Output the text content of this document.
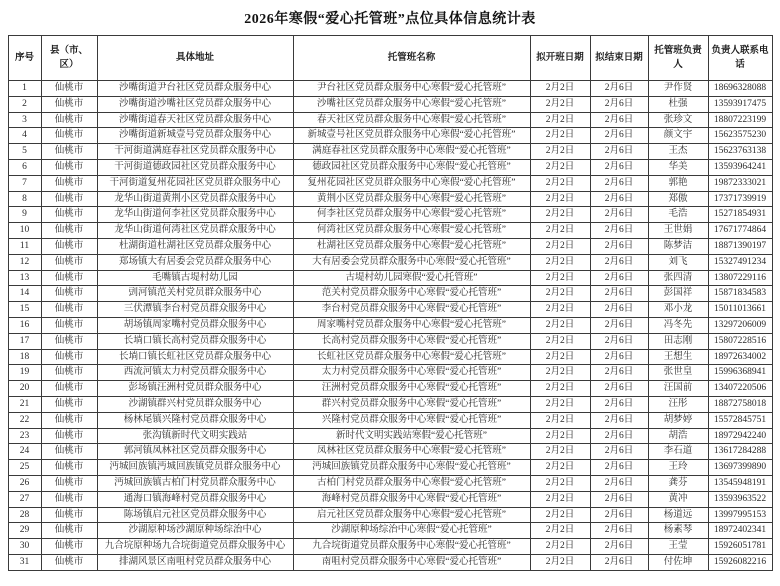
2026年寒假“爱心托管班”点位具体信息统计表
序号	县（市、区）	具体地址	托管班名称	拟开班日期	拟结束日期	托管班负责人	负责人联系电话
1	仙桃市	沙嘴街道尹台社区党员群众服务中心	尹台社区党员群众服务中心寒假“爱心托管班”	2月2日	2月6日	尹作贤	18696328088
2	仙桃市	沙嘴街道沙嘴社区党员群众服务中心	沙嘴社区党员群众服务中心寒假“爱心托管班”	2月2日	2月6日	杜强	13593917475
3	仙桃市	沙嘴街道春天社区党员群众服务中心	春天社区党员群众服务中心寒假“爱心托管班”	2月2日	2月6日	张珍文	18807223199
4	仙桃市	沙嘴街道新城壹号党员群众服务中心	新城壹号社区党员群众服务中心寒假“爱心托管班”	2月2日	2月6日	颜文宇	15623575230
5	仙桃市	干河街道满庭春社区党员群众服务中心	满庭春社区党员群众服务中心寒假“爱心托管班”	2月2日	2月6日	王杰	15623763138
6	仙桃市	干河街道德政园社区党员群众服务中心	德政园社区党员群众服务中心寒假“爱心托管班”	2月2日	2月6日	华美	13593964241
7	仙桃市	干河街道复州花园社区党员群众服务中心	复州花园社区党员群众服务中心寒假“爱心托管班”	2月2日	2月6日	郭艳	19872333021
8	仙桃市	龙华山街道黄荆小区党员群众服务中心	黄荆小区党员群众服务中心寒假“爱心托管班”	2月2日	2月6日	郑傲	17371739919
9	仙桃市	龙华山街道何李社区党员群众服务中心	何李社区党员群众服务中心寒假“爱心托管班”	2月2日	2月6日	毛浩	15271854931
10	仙桃市	龙华山街道何湾社区党员群众服务中心	何湾社区党员群众服务中心寒假“爱心托管班”	2月2日	2月6日	王世娟	17671774864
11	仙桃市	杜湖街道杜湖社区党员群众服务中心	杜湖社区党员群众服务中心寒假“爱心托管班”	2月2日	2月6日	陈梦洁	18871390197
12	仙桃市	郑场镇大有居委会党员群众服务中心	大有居委会党员群众服务中心寒假“爱心托管班”	2月2日	2月6日	刘飞	15327491234
13	仙桃市	毛嘴镇古堤村幼儿园	古堤村幼儿园寒假“爱心托管班”	2月2日	2月6日	张四清	13807229116
14	仙桃市	剅河镇范关村党员群众服务中心	范关村党员群众服务中心寒假“爱心托管班”	2月2日	2月6日	彭国祥	15871834583
15	仙桃市	三伏潭镇李台村党员群众服务中心	李台村党员群众服务中心寒假“爱心托管班”	2月2日	2月6日	邓小龙	15011013661
16	仙桃市	胡场镇周家嘴村党员群众服务中心	周家嘴村党员群众服务中心寒假“爱心托管班”	2月2日	2月6日	冯冬先	13297206009
17	仙桃市	长埫口镇长高村党员群众服务中心	长高村党员群众服务中心寒假“爱心托管班”	2月2日	2月6日	田志刚	15807228516
18	仙桃市	长埫口镇长虹社区党员群众服务中心	长虹社区党员群众服务中心寒假“爱心托管班”	2月2日	2月6日	王想生	18972634002
19	仙桃市	西流河镇太力村党员群众服务中心	太力村党员群众服务中心寒假“爱心托管班”	2月2日	2月6日	张世皇	15996368941
20	仙桃市	彭场镇汪洲村党员群众服务中心	汪洲村党员群众服务中心寒假“爱心托管班”	2月2日	2月6日	汪国前	13407220506
21	仙桃市	沙湖镇群兴村党员群众服务中心	群兴村党员群众服务中心寒假“爱心托管班”	2月2日	2月6日	汪彤	18872758018
22	仙桃市	杨林尾镇兴隆村党员群众服务中心	兴隆村党员群众服务中心寒假“爱心托管班”	2月2日	2月6日	胡梦婷	15572845751
23	仙桃市	张沟镇新时代文明实践站	新时代文明实践站寒假“爱心托管班”	2月2日	2月6日	胡浩	18972942240
24	仙桃市	郭河镇凤林社区党员群众服务中心	凤林社区党员群众服务中心寒假“爱心托管班”	2月2日	2月6日	李石道	13617284288
25	仙桃市	沔城回族镇沔城回族镇党员群众服务中心	沔城回族镇党员群众服务中心寒假“爱心托管班”	2月2日	2月6日	王玲	13697399890
26	仙桃市	沔城回族镇古柏门村党员群众服务中心	古柏门村党员群众服务中心寒假“爱心托管班”	2月2日	2月6日	龚芬	13545948191
27	仙桃市	通海口镇海峰村党员群众服务中心	海峰村党员群众服务中心寒假“爱心托管班”	2月2日	2月6日	黄冲	13593963522
28	仙桃市	陈场镇启元社区党员群众服务中心	启元社区党员群众服务中心寒假“爱心托管班”	2月2日	2月6日	杨道远	13997995153
29	仙桃市	沙湖原种场沙湖原种场综治中心	沙湖原种场综治中心寒假“爱心托管班”	2月2日	2月6日	杨素琴	18972402341
30	仙桃市	九合垸原种场九合垸街道党员群众服务中心	九合垸街道党员群众服务中心寒假“爱心托管班”	2月2日	2月6日	王莹	15926051781
31	仙桃市	排湖风景区南咀村党员群众服务中心	南咀村党员群众服务中心寒假“爱心托管班”	2月2日	2月6日	付佐坤	15926082216
